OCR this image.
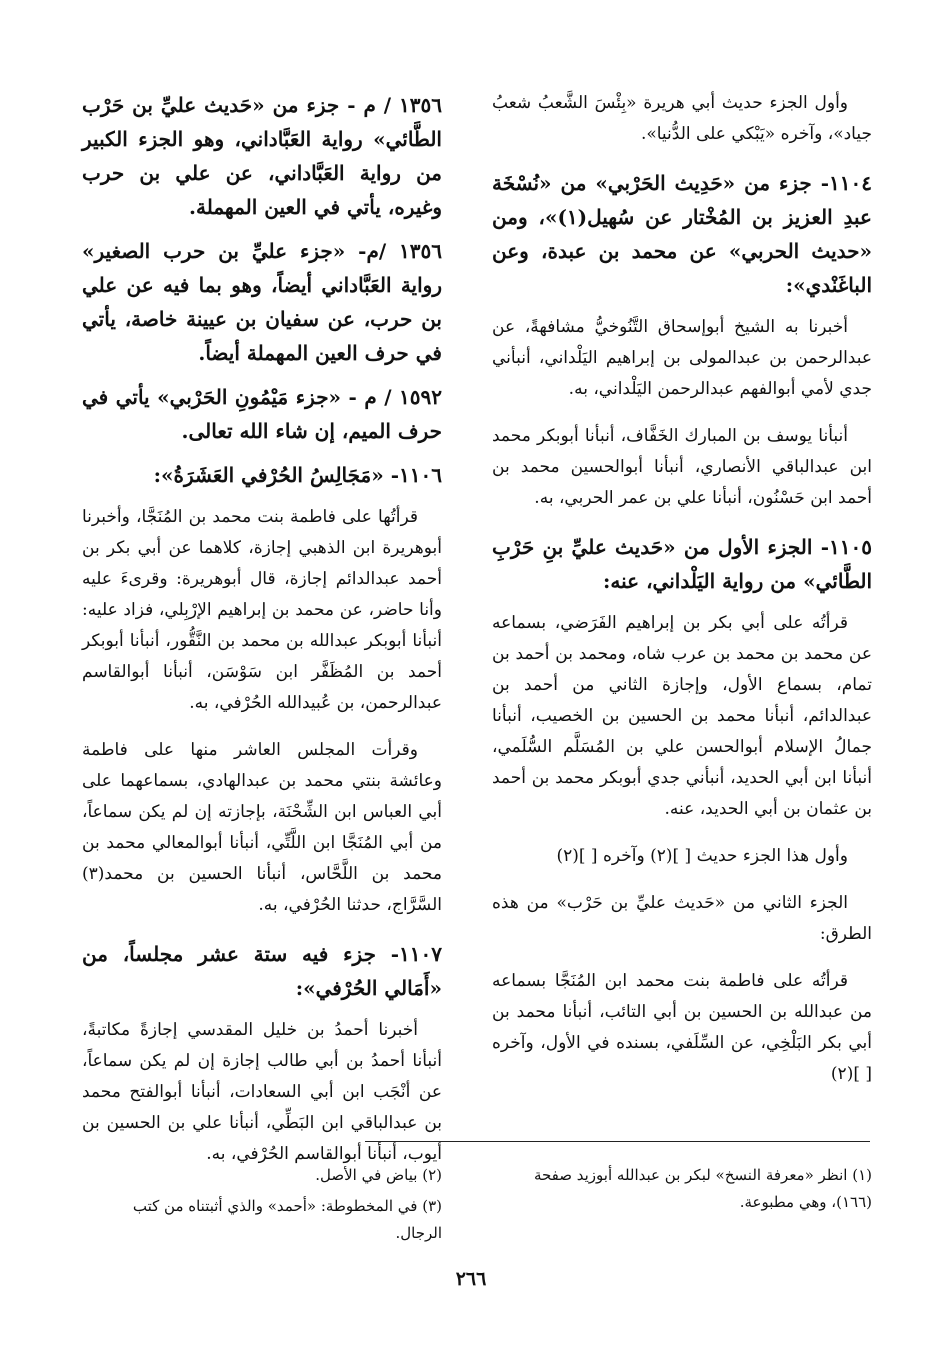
وأول الجزء حديث أبي هريرة «بِئْسَ الشَّعبُ شعبُ جياد»، وآخره «يَبْكي على الدُّنيا».

١١٠٤- جزء من «حَدِيث الحَرْبي» من «نُسْخَة عبدِ العزيز بن المُخْتار عن سُهيل(١)»، ومن «حديث الحربي» عن محمد بن عبدة، وعن الباغَنْدي»:

أخبرنا به الشيخ أبوإسحاق التَّنُوخيُّ مشافهةً، عن عبدالرحمن بن عبدالمولى بن إبراهيم اليَلْداني، أنبأني جدي لأمي أبوالفهم عبدالرحمن اليَلْداني، به.

أنبأنا يوسف بن المبارك الخَفَّاف، أنبأنا أبوبكر محمد ابن عبدالباقي الأنصاري، أنبأنا أبوالحسين محمد بن أحمد ابن حَسْنُون، أنبأنا علي بن عمر الحربي، به.

١١٠٥- الجزء الأول من «حَديث عليِّ بنِ حَرْبِ الطَّائي» من رواية اليَلْداني، عنه:

قرأتُه على أبي بكر بن إبراهيم الفَرَضي، بسماعه عن محمد بن محمد بن عرب شاه، ومحمد بن أحمد بن تمام، بسماع الأول، وإجازة الثاني من أحمد بن عبدالدائم، أنبأنا محمد بن الحسين بن الخصيب، أنبأنا جمالُ الإسلام أبوالحسن علي بن المُسَلَّم السُّلَمي، أنبأنا ابن أبي الحديد، أنبأني جدي أبوبكر محمد بن أحمد بن عثمان بن أبي الحديد، عنه.

وأول هذا الجزء حديث [ ](٢) وآخره [ ](٢)

الجزء الثاني من «حَديث عليِّ بن حَرْب» من هذه الطرق:

قرأتُه على فاطمة بنت محمد ابن المُنَجَّا بسماعه من عبدالله بن الحسين بن أبي التائب، أنبأنا محمد بن أبي بكر البَلْخِي، عن السِّلَفي، بسنده في الأول، وآخره [ ](٢)

١٣٥٦ / م - جزء من «حَديث عليِّ بن حَرْب الطَّائي» رواية العَبَّاداني، وهو الجزء الكبير من رواية العَبَّاداني، عن علي بن حرب وغيره، يأتي في العين المهملة.

١٣٥٦ /م- «جزء عليِّ بن حرب الصغير» رواية العَبَّاداني أيضاً، وهو بما فيه عن علي بن حرب، عن سفيان بن عيينة خاصة، يأتي في حرف العين المهملة أيضاً.

١٥٩٢ / م - «جزء مَيْمُونِ الحَرْبي» يأتي في حرف الميم، إن شاء الله تعالى.

١١٠٦- «مَجَالِسُ الحُرْفي العَشَرَةُ»:

قرأتُها على فاطمة بنت محمد بن المُنَجَّا، وأخبرنا أبوهريرة ابن الذهبي إجازة، كلاهما عن أبي بكر بن أحمد عبدالدائم إجازة، قال أبوهريرة: وقرىءَ عليه وأنا حاضر، عن محمد بن إبراهيم الإرْبِلي، فزاد عليه: أنبأنا أبوبكر عبدالله بن محمد بن النَّقُّور، أنبأنا أبوبكر أحمد بن المُظَفَّر ابن سَوْسَن، أنبأنا أبوالقاسم عبدالرحمن، بن عُبيدالله الحُرْفي، به.

وقرأت المجلس العاشر منها على فاطمة وعائشة بنتي محمد بن عبدالهادي، بسماعهما على أبي العباس ابن الشِّحْنَة، بإجازته إن لم يكن سماعاً، من أبي المُنَجَّا ابن اللَّتِّي، أنبأنا أبوالمعالي محمد بن محمد بن اللَّحَّاس، أنبأنا الحسين بن محمد(٣) السَّرَّاج، حدثنا الحُرْفي، به.

١١٠٧- جزء فيه ستة عشر مجلساً، من «أَمَالي الحُرْفي»:

أخبرنا أحمدُ بن خليل المقدسي إجازةً مكاتبةً، أنبأنا أحمدُ بن أبي طالب إجازة إن لم يكن سماعاً، عن أنْجَب ابن أبي السعادات، أنبأنا أبوالفتح محمد بن عبدالباقي ابن البَطِّي، أنبأنا علي بن الحسين بن أيوب، أنبأنا أبوالقاسم الحُرْفي، به.

(١) انظر «معرفة النسخ» لبكر بن عبدالله أبوزيد صفحة (١٦٦)، وهي مطبوعة.

(٢) بياض في الأصل.

(٣) في المخطوطة: «أحمد» والذي أثبتناه من كتب الرجال.

٢٦٦
